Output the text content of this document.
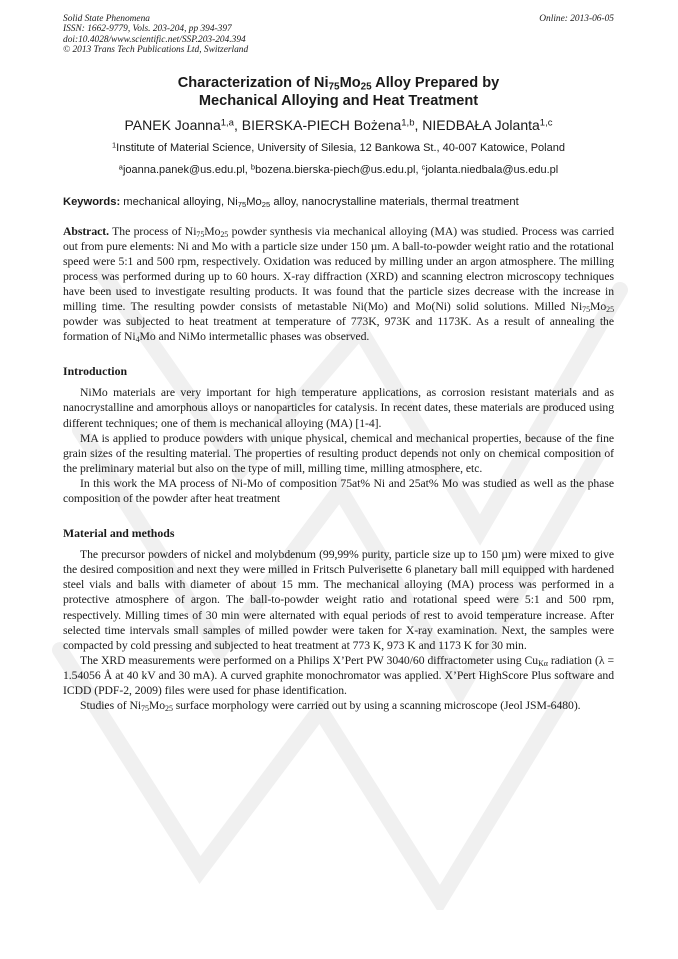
Solid State Phenomena
ISSN: 1662-9779, Vols. 203-204, pp 394-397
doi:10.4028/www.scientific.net/SSP.203-204.394
© 2013 Trans Tech Publications Ltd, Switzerland
Online: 2013-06-05
Characterization of $Ni_{75}Mo_{25}$ Alloy Prepared by
Mechanical Alloying and Heat Treatment
PANEK Joanna$^{1,a}$, BIERSKA-PIECH Bożena$^{1,b}$, NIEDBAŁA Jolanta$^{1,c}$
$^1$Institute of Material Science, University of Silesia, 12 Bankowa St., 40-007 Katowice, Poland
$^a$joanna.panek@us.edu.pl, $^b$bozena.bierska-piech@us.edu.pl, $^c$jolanta.niedbala@us.edu.pl
Keywords: mechanical alloying, $Ni_{75}Mo_{25}$ alloy, nanocrystalline materials, thermal treatment

Abstract. The process of $Ni_{75}Mo_{25}$ powder synthesis via mechanical alloying (MA) was studied. Process was carried out from pure elements: Ni and Mo with a particle size under 150 µm. A ball-to-powder weight ratio and the rotational speed were 5:1 and 500 rpm, respectively. Oxidation was reduced by milling under an argon atmosphere. The milling process was performed during up to 60 hours. X-ray diffraction (XRD) and scanning electron microscopy techniques have been used to investigate resulting products. It was found that the particle sizes decrease with the increase in milling time. The resulting powder consists of metastable Ni(Mo) and Mo(Ni) solid solutions. Milled $Ni_{75}Mo_{25}$ powder was subjected to heat treatment at temperature of 773K, 973K and 1173K. As a result of annealing the formation of $Ni_4Mo$ and NiMo intermetallic phases was observed.

Introduction

NiMo materials are very important for high temperature applications, as corrosion resistant materials and as nanocrystalline and amorphous alloys or nanoparticles for catalysis. In recent dates, these materials are produced using different techniques; one of them is mechanical alloying (MA) [1-4].

MA is applied to produce powders with unique physical, chemical and mechanical properties, because of the fine grain sizes of the resulting material. The properties of resulting product depends not only on chemical composition of the preliminary material but also on the type of mill, milling time, milling atmosphere, etc.

In this work the MA process of Ni-Mo of composition 75at% Ni and 25at% Mo was studied as well as the phase composition of the powder after heat treatment

Material and methods

The precursor powders of nickel and molybdenum (99,99% purity, particle size up to 150 µm) were mixed to give the desired composition and next they were milled in Fritsch Pulverisette 6 planetary ball mill equipped with hardened steel vials and balls with diameter of about 15 mm. The mechanical alloying (MA) process was performed in a protective atmosphere of argon. The ball-to-powder weight ratio and rotational speed were 5:1 and 500 rpm, respectively. Milling times of 30 min were alternated with equal periods of rest to avoid temperature increase. After selected time intervals small samples of milled powder were taken for X-ray examination. Next, the samples were compacted by cold pressing and subjected to heat treatment at 773 K, 973 K and 1173 K for 30 min.

The XRD measurements were performed on a Philips X’Pert PW 3040/60 diffractometer using $Cu_{K\alpha}$ radiation (λ = 1.54056 Å at 40 kV and 30 mA). A curved graphite monochromator was applied. X’Pert HighScore Plus software and ICDD (PDF-2, 2009) files were used for phase identification.

Studies of $Ni_{75}Mo_{25}$ surface morphology were carried out by using a scanning microscope (Jeol JSM-6480).
